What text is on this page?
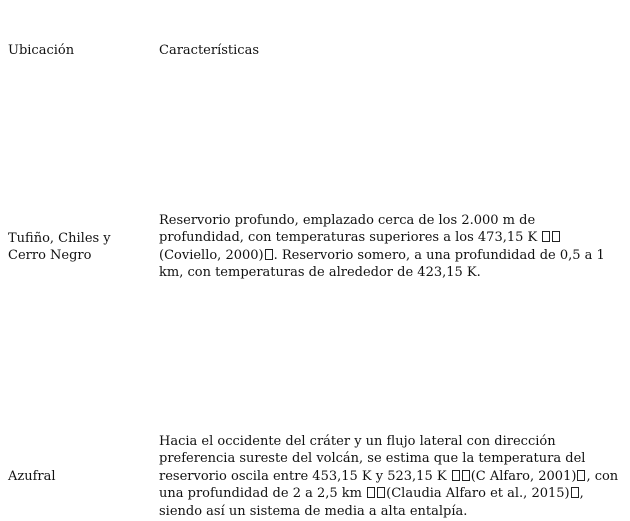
Ubicación	Características
Tufiño, Chiles y Cerro Negro
Reservorio profundo, emplazado cerca de los 2.000 m de profundidad, con temperaturas superiores a los 473,15 K (Coviello, 2000) . Reservorio somero, a una profundidad de 0,5 a 1 km, con temperaturas de alrededor de 423,15 K.
Azufral
Hacia el occidente del cráter y un flujo lateral con dirección preferencia sureste del volcán, se estima que la temperatura del reservorio oscila entre 453,15 K y 523,15 K (C Alfaro, 2001) , con una profundidad de 2 a 2,5 km (Claudia Alfaro et al., 2015) , siendo así un sistema de media a alta entalpía.
